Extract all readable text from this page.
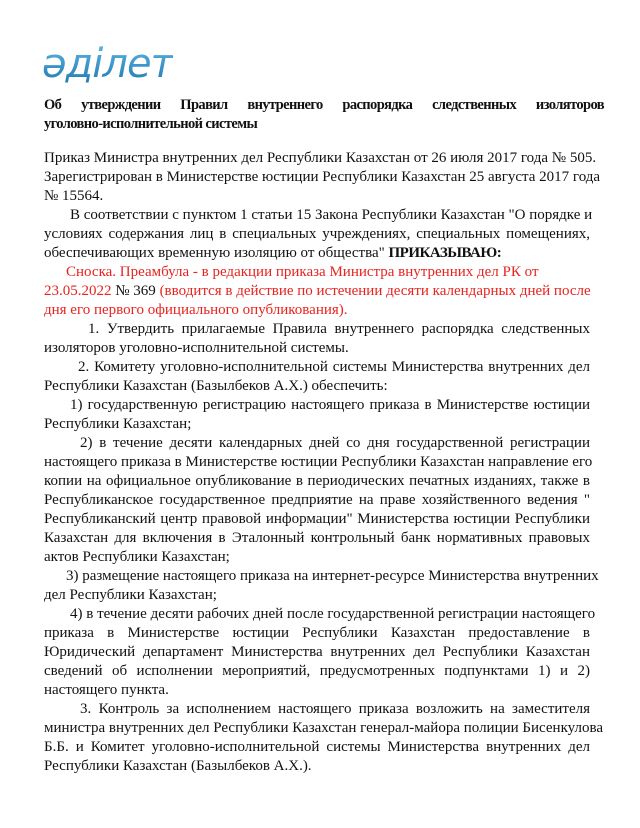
әділет
Об утверждении Правил внутреннего распорядка следственных изоляторов
уголовно-исполнительной системы
Приказ Министра внутренних дел Республики Казахстан от 26 июля 2017 года № 505.
Зарегистрирован в Министерстве юстиции Республики Казахстан 25 августа 2017 года
№ 15564.
В соответствии с пунктом 1 статьи 15 Закона Республики Казахстан "О порядке и
условиях содержания лиц в специальных учреждениях, специальных помещениях,
обеспечивающих временную изоляцию от общества" ПРИКАЗЫВАЮ:
Сноска. Преамбула - в редакции приказа Министра внутренних дел РК от
23.05.2022 № 369 (вводится в действие по истечении десяти календарных дней после
дня его первого официального опубликования).
1. Утвердить прилагаемые Правила внутреннего распорядка следственных
изоляторов уголовно-исполнительной системы.
2. Комитету уголовно-исполнительной системы Министерства внутренних дел
Республики Казахстан (Базылбеков А.Х.) обеспечить:
1) государственную регистрацию настоящего приказа в Министерстве юстиции
Республики Казахстан;
2) в течение десяти календарных дней со дня государственной регистрации
настоящего приказа в Министерстве юстиции Республики Казахстан направление его
копии на официальное опубликование в периодических печатных изданиях, также в
Республиканское государственное предприятие на праве хозяйственного ведения "
Республиканский центр правовой информации" Министерства юстиции Республики
Казахстан для включения в Эталонный контрольный банк нормативных правовых
актов Республики Казахстан;
3) размещение настоящего приказа на интернет-ресурсе Министерства внутренних
дел Республики Казахстан;
4) в течение десяти рабочих дней после государственной регистрации настоящего
приказа в Министерстве юстиции Республики Казахстан предоставление в
Юридический департамент Министерства внутренних дел Республики Казахстан
сведений об исполнении мероприятий, предусмотренных подпунктами 1) и 2)
настоящего пункта.
3. Контроль за исполнением настоящего приказа возложить на заместителя
министра внутренних дел Республики Казахстан генерал-майора полиции Бисенкулова
Б.Б. и Комитет уголовно-исполнительной системы Министерства внутренних дел
Республики Казахстан (Базылбеков А.Х.).
